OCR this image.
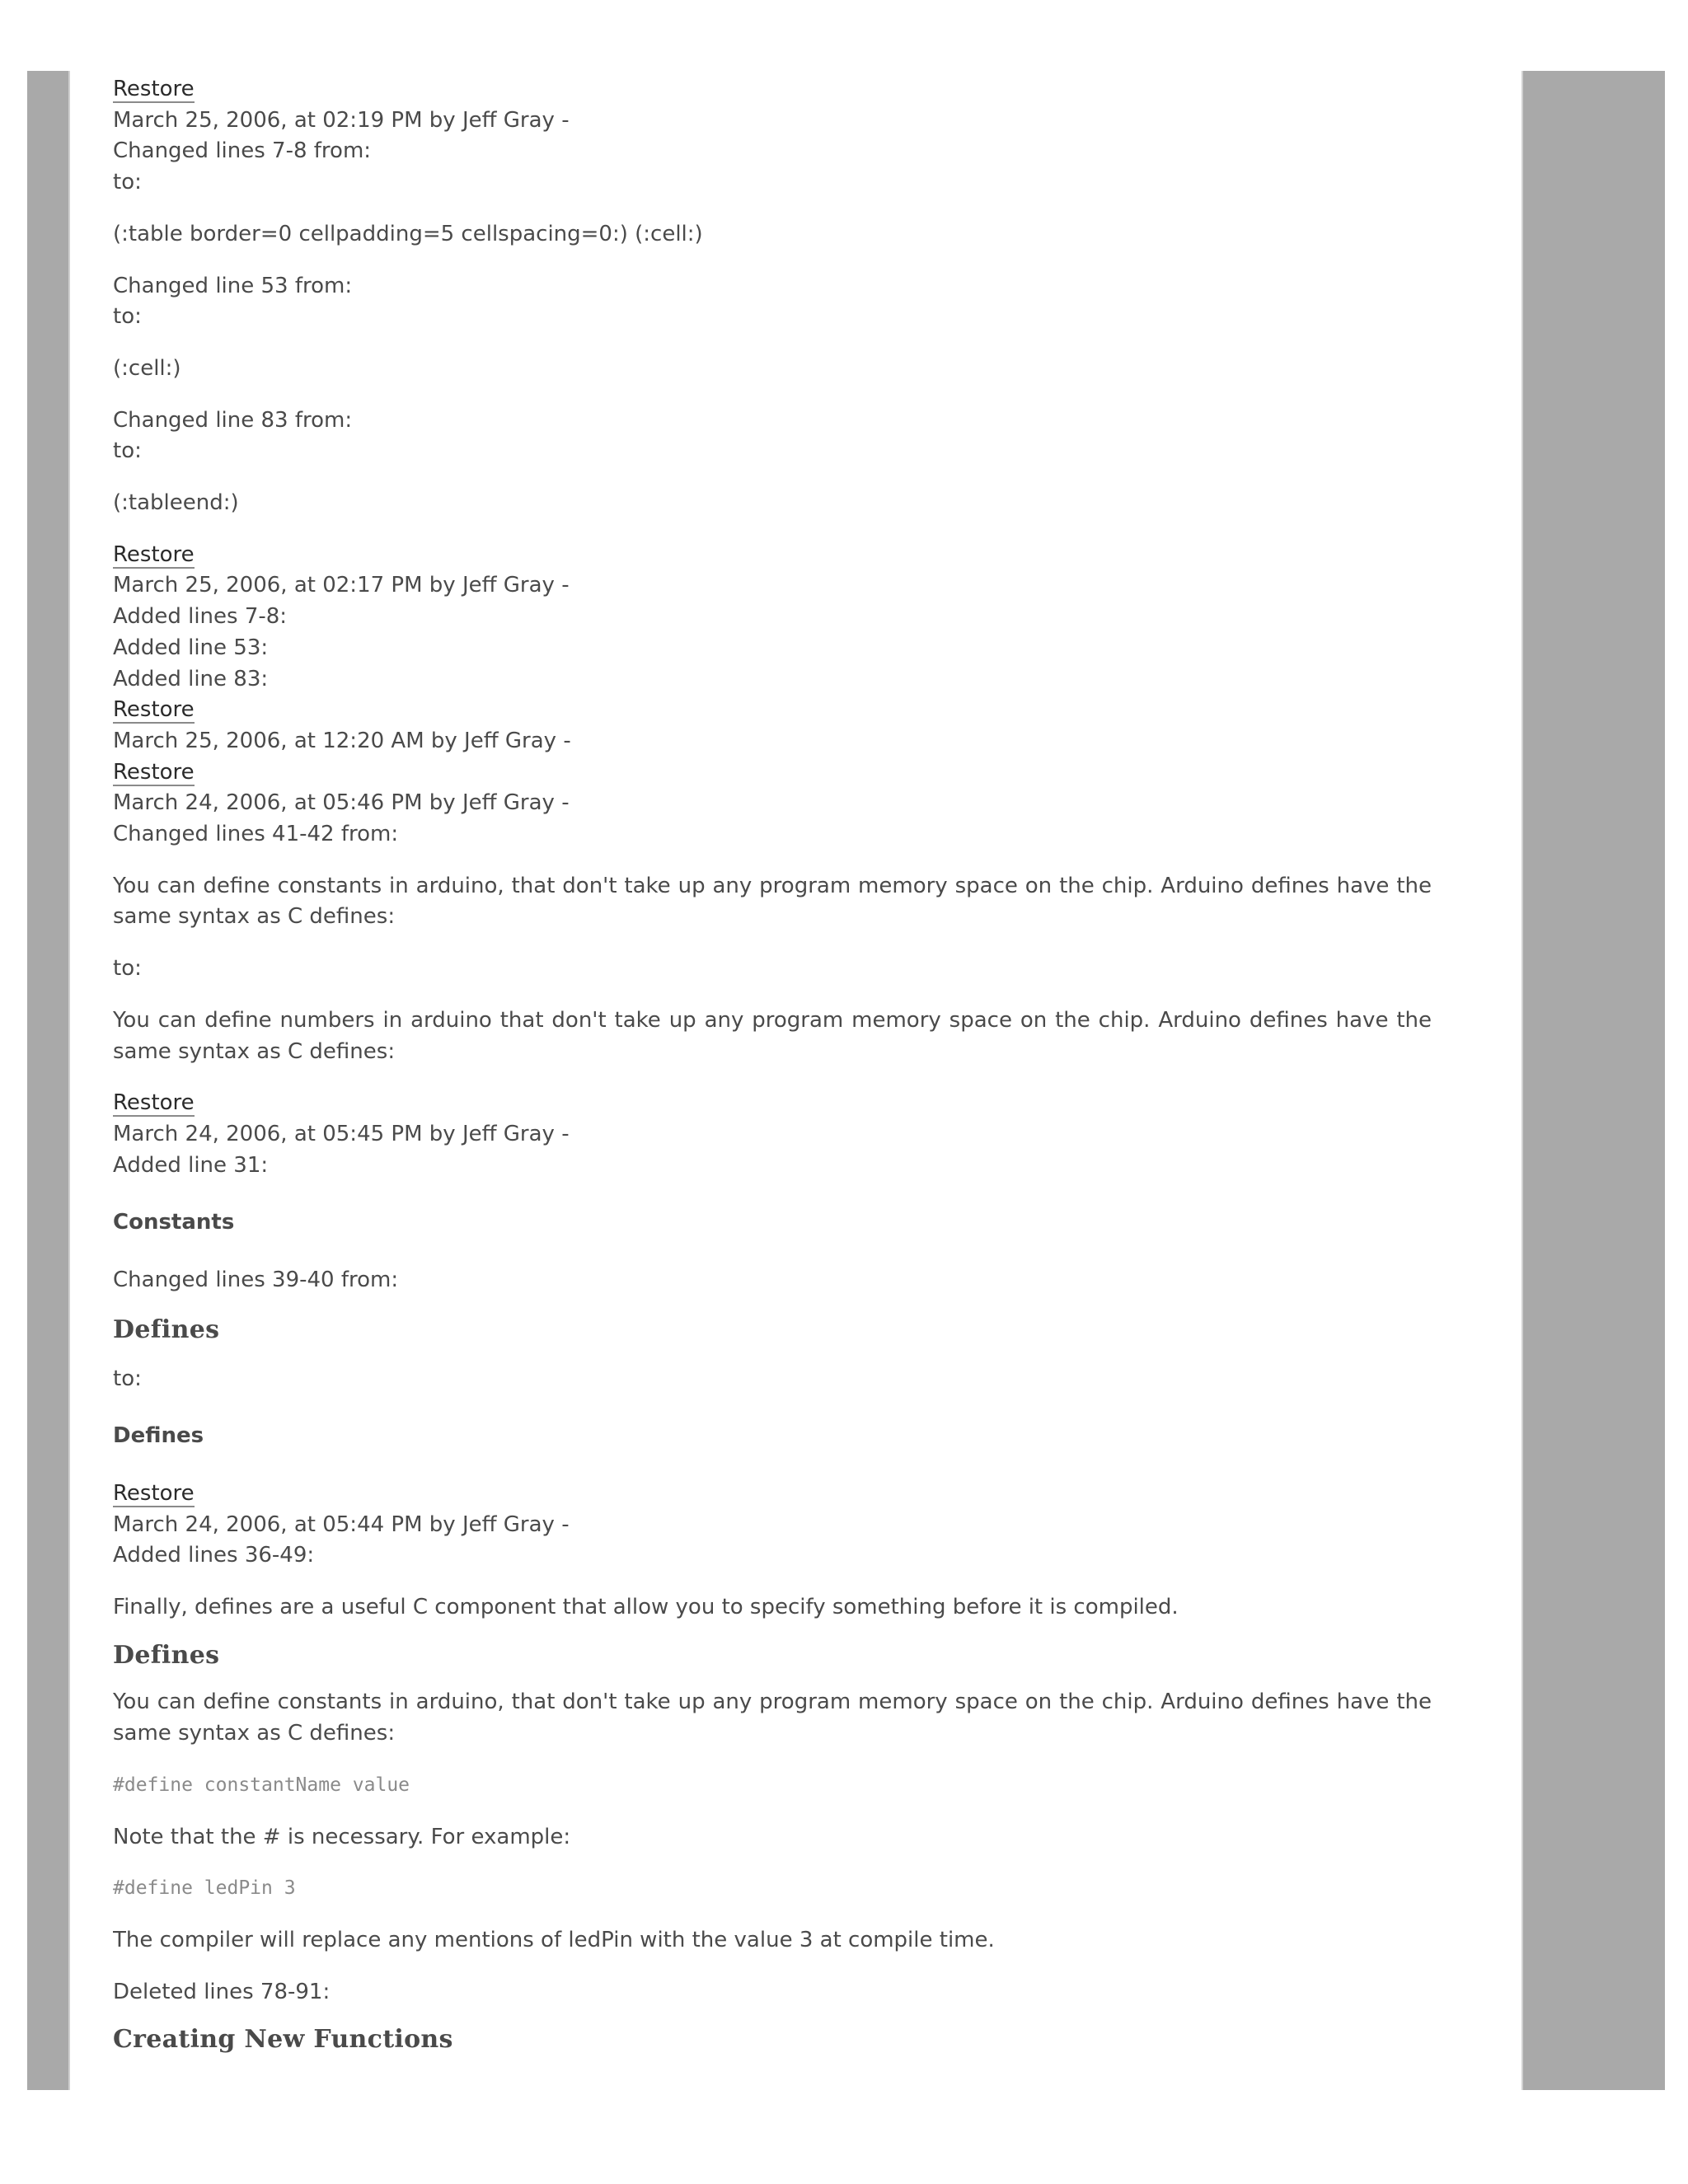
Restore
March 25, 2006, at 02:19 PM by Jeff Gray -
Changed lines 7-8 from:
to:

(:table border=0 cellpadding=5 cellspacing=0:) (:cell:)

Changed line 53 from:

to:

(:cell:)

Changed line 83 from:

to:

(:tableend:)

Restore
March 25, 2006, at 02:17 PM by Jeff Gray -
Added lines 7-8:
Added line 53:
Added line 83:
Restore
March 25, 2006, at 12:20 AM by Jeff Gray -
Restore
March 24, 2006, at 05:46 PM by Jeff Gray -
Changed lines 41-42 from:

You can define constants in arduino, that don't take up any program memory space on the chip. Arduino defines have the same syntax as C defines:

to:

You can define numbers in arduino that don't take up any program memory space on the chip. Arduino defines have the same syntax as C defines:

Restore
March 24, 2006, at 05:45 PM by Jeff Gray -
Added line 31:

Constants

Changed lines 39-40 from:

Defines

to:

Defines

Restore
March 24, 2006, at 05:44 PM by Jeff Gray -
Added lines 36-49:

Finally, defines are a useful C component that allow you to specify something before it is compiled.

Defines

You can define constants in arduino, that don't take up any program memory space on the chip. Arduino defines have the same syntax as C defines:

#define constantName value

Note that the # is necessary. For example:

#define ledPin 3

The compiler will replace any mentions of ledPin with the value 3 at compile time.

Deleted lines 78-91:

Creating New Functions
